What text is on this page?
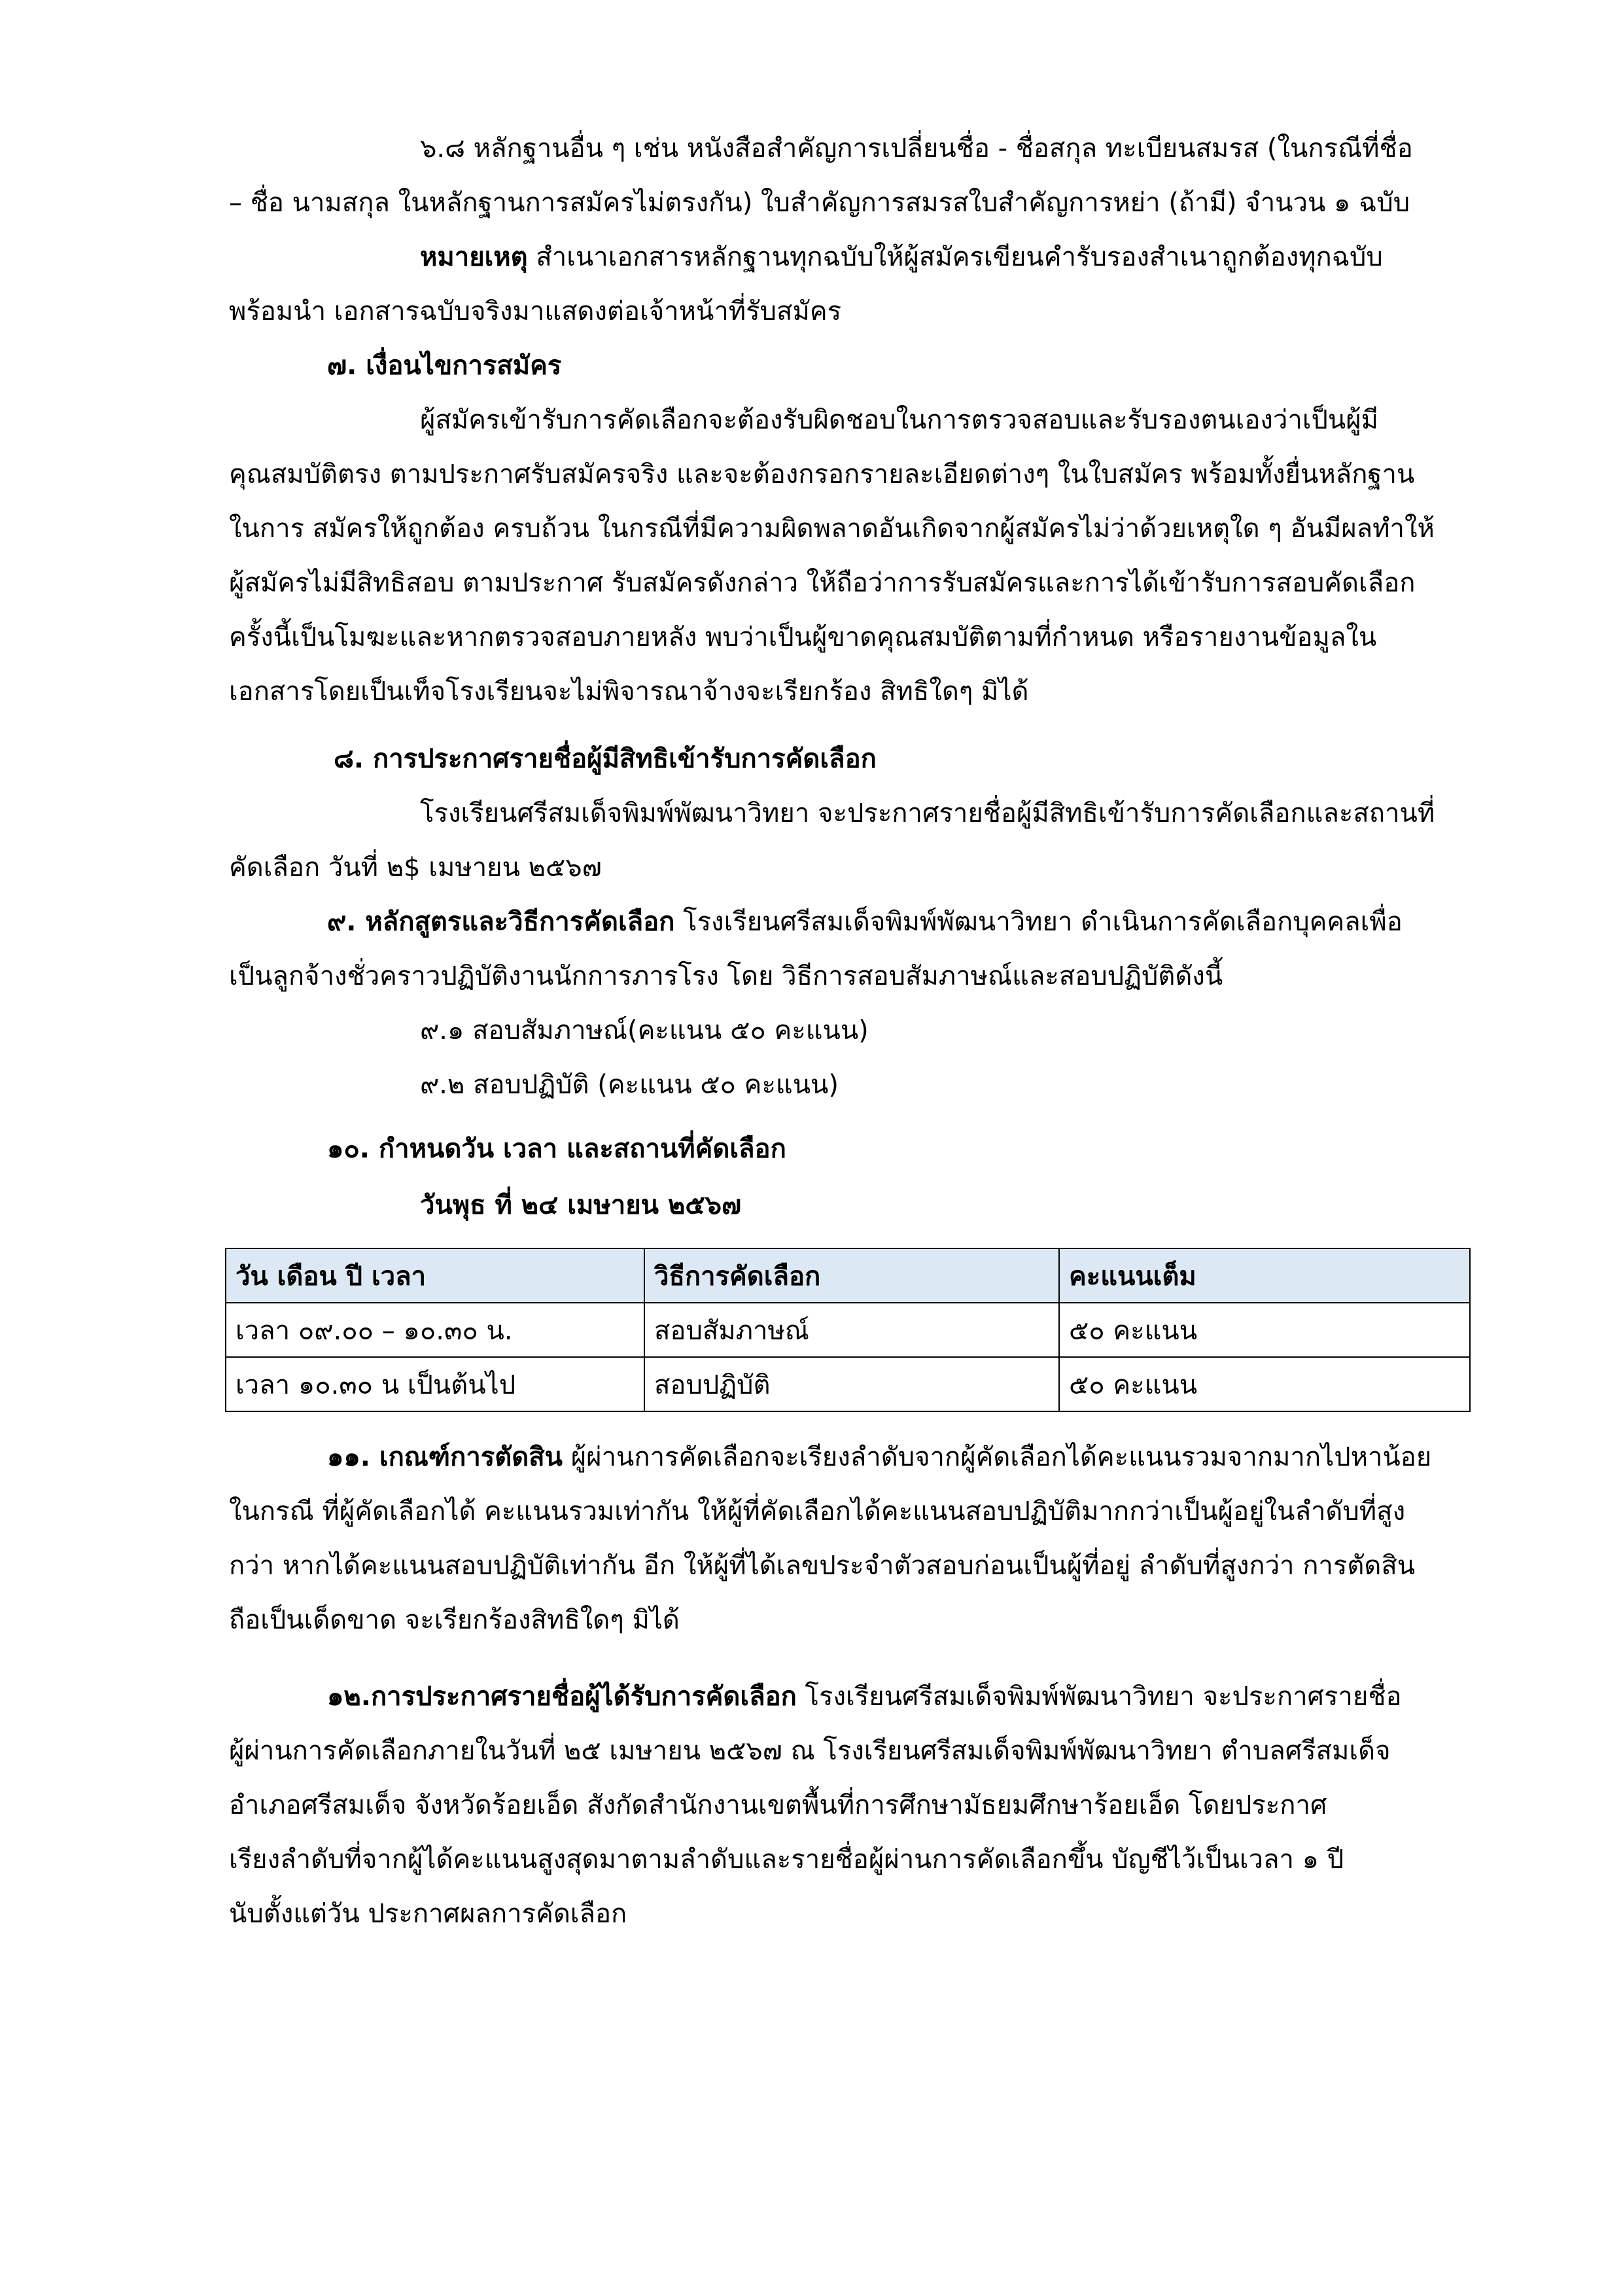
๖.๘ หลักฐานอื่น ๆ เช่น หนังสือสำคัญการเปลี่ยนชื่อ - ชื่อสกุล ทะเบียนสมรส (ในกรณีที่ชื่อ
– ชื่อ นามสกุล ในหลักฐานการสมัครไม่ตรงกัน) ใบสำคัญการสมรสใบสำคัญการหย่า (ถ้ามี) จำนวน ๑ ฉบับ
หมายเหตุ สำเนาเอกสารหลักฐานทุกฉบับให้ผู้สมัครเขียนคำรับรองสำเนาถูกต้องทุกฉบับ
พร้อมนำ เอกสารฉบับจริงมาแสดงต่อเจ้าหน้าที่รับสมัคร
๗. เงื่อนไขการสมัคร
ผู้สมัครเข้ารับการคัดเลือกจะต้องรับผิดชอบในการตรวจสอบและรับรองตนเองว่าเป็นผู้มี
คุณสมบัติตรง ตามประกาศรับสมัครจริง และจะต้องกรอกรายละเอียดต่างๆ ในใบสมัคร พร้อมทั้งยื่นหลักฐาน
ในการ สมัครให้ถูกต้อง ครบถ้วน ในกรณีที่มีความผิดพลาดอันเกิดจากผู้สมัครไม่ว่าด้วยเหตุใด ๆ อันมีผลทำให้
ผู้สมัครไม่มีสิทธิสอบ ตามประกาศ รับสมัครดังกล่าว ให้ถือว่าการรับสมัครและการได้เข้ารับการสอบคัดเลือก
ครั้งนี้เป็นโมฆะและหากตรวจสอบภายหลัง พบว่าเป็นผู้ขาดคุณสมบัติตามที่กำหนด หรือรายงานข้อมูลใน
เอกสารโดยเป็นเท็จโรงเรียนจะไม่พิจารณาจ้างจะเรียกร้อง สิทธิใดๆ มิได้
๘. การประกาศรายชื่อผู้มีสิทธิเข้ารับการคัดเลือก
โรงเรียนศรีสมเด็จพิมพ์พัฒนาวิทยา จะประกาศรายชื่อผู้มีสิทธิเข้ารับการคัดเลือกและสถานที่
คัดเลือก วันที่ ๒$ เมษายน ๒๕๖๗
๙. หลักสูตรและวิธีการคัดเลือก โรงเรียนศรีสมเด็จพิมพ์พัฒนาวิทยา ดำเนินการคัดเลือกบุคคลเพื่อ
เป็นลูกจ้างชั่วคราวปฏิบัติงานนักการภารโรง โดย วิธีการสอบสัมภาษณ์และสอบปฏิบัติดังนี้
๙.๑ สอบสัมภาษณ์(คะแนน ๕๐ คะแนน)
๙.๒ สอบปฏิบัติ (คะแนน ๕๐ คะแนน)
๑๐. กำหนดวัน เวลา และสถานที่คัดเลือก
วันพุธ ที่ ๒๔ เมษายน ๒๕๖๗
วัน เดือน ปี เวลา	วิธีการคัดเลือก	คะแนนเต็ม
เวลา ๐๙.๐๐ – ๑๐.๓๐ น.	สอบสัมภาษณ์	๕๐ คะแนน
เวลา ๑๐.๓๐ น เป็นต้นไป	สอบปฏิบัติ	๕๐ คะแนน
๑๑. เกณฑ์การตัดสิน ผู้ผ่านการคัดเลือกจะเรียงลำดับจากผู้คัดเลือกได้คะแนนรวมจากมากไปหาน้อย
ในกรณี ที่ผู้คัดเลือกได้ คะแนนรวมเท่ากัน ให้ผู้ที่คัดเลือกได้คะแนนสอบปฏิบัติมากกว่าเป็นผู้อยู่ในลำดับที่สูง
กว่า หากได้คะแนนสอบปฏิบัติเท่ากัน อีก ให้ผู้ที่ได้เลขประจำตัวสอบก่อนเป็นผู้ที่อยู่ ลำดับที่สูงกว่า การตัดสิน
ถือเป็นเด็ดขาด จะเรียกร้องสิทธิใดๆ มิได้
๑๒.การประกาศรายชื่อผู้ได้รับการคัดเลือก โรงเรียนศรีสมเด็จพิมพ์พัฒนาวิทยา จะประกาศรายชื่อ
ผู้ผ่านการคัดเลือกภายในวันที่ ๒๕ เมษายน ๒๕๖๗ ณ โรงเรียนศรีสมเด็จพิมพ์พัฒนาวิทยา ตำบลศรีสมเด็จ
อำเภอศรีสมเด็จ จังหวัดร้อยเอ็ด สังกัดสำนักงานเขตพื้นที่การศึกษามัธยมศึกษาร้อยเอ็ด โดยประกาศ
เรียงลำดับที่จากผู้ได้คะแนนสูงสุดมาตามลำดับและรายชื่อผู้ผ่านการคัดเลือกขึ้น บัญชีไว้เป็นเวลา ๑ ปี
นับตั้งแต่วัน ประกาศผลการคัดเลือก
